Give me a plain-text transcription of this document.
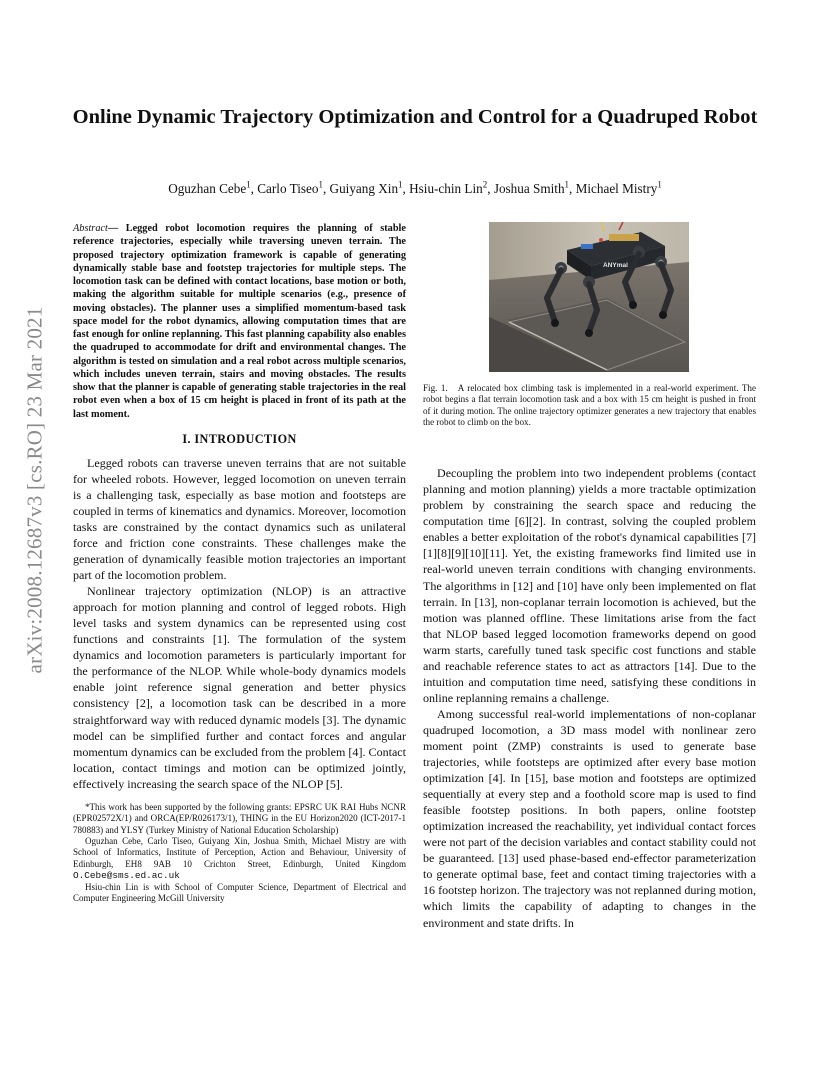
arXiv:2008.12687v3 [cs.RO] 23 Mar 2021
Online Dynamic Trajectory Optimization and Control for a Quadruped Robot
Oguzhan Cebe$^1$, Carlo Tiseo$^1$, Guiyang Xin$^1$, Hsiu-chin Lin$^2$, Joshua Smith$^1$, Michael Mistry$^1$

Abstract— Legged robot locomotion requires the planning of stable reference trajectories, especially while traversing uneven terrain. The proposed trajectory optimization framework is capable of generating dynamically stable base and footstep trajectories for multiple steps. The locomotion task can be defined with contact locations, base motion or both, making the algorithm suitable for multiple scenarios (e.g., presence of moving obstacles). The planner uses a simplified momentum-based task space model for the robot dynamics, allowing computation times that are fast enough for online replanning. This fast planning capability also enables the quadruped to accommodate for drift and environmental changes. The algorithm is tested on simulation and a real robot across multiple scenarios, which includes uneven terrain, stairs and moving obstacles. The results show that the planner is capable of generating stable trajectories in the real robot even when a box of 15 cm height is placed in front of its path at the last moment.

I. INTRODUCTION

Legged robots can traverse uneven terrains that are not suitable for wheeled robots. However, legged locomotion on uneven terrain is a challenging task, especially as base motion and footsteps are coupled in terms of kinematics and dynamics. Moreover, locomotion tasks are constrained by the contact dynamics such as unilateral force and friction cone constraints. These challenges make the generation of dynamically feasible motion trajectories an important part of the locomotion problem.

Nonlinear trajectory optimization (NLOP) is an attractive approach for motion planning and control of legged robots. High level tasks and system dynamics can be represented using cost functions and constraints [1]. The formulation of the system dynamics and locomotion parameters is particularly important for the performance of the NLOP. While whole-body dynamics models enable joint reference signal generation and better physics consistency [2], a locomotion task can be described in a more straightforward way with reduced dynamic models [3]. The dynamic model can be simplified further and contact forces and angular momentum dynamics can be excluded from the problem [4]. Contact location, contact timings and motion can be optimized jointly, effectively increasing the search space of the NLOP [5].

*This work has been supported by the following grants: EPSRC UK RAI Hubs NCNR (EPR02572X/1) and ORCA(EP/R026173/1), THING in the EU Horizon2020 (ICT-2017-1 780883) and YLSY (Turkey Ministry of National Education Scholarship)

Oguzhan Cebe, Carlo Tiseo, Guiyang Xin, Joshua Smith, Michael Mistry are with School of Informatics, Institute of Perception, Action and Behaviour, University of Edinburgh, EH8 9AB 10 Crichton Street, Edinburgh, United Kingdom O.Cebe@sms.ed.ac.uk

Hsiu-chin Lin is with School of Computer Science, Department of Electrical and Computer Engineering McGill University

ANYmal

Fig. 1. A relocated box climbing task is implemented in a real-world experiment. The robot begins a flat terrain locomotion task and a box with 15 cm height is pushed in front of it during motion. The online trajectory optimizer generates a new trajectory that enables the robot to climb on the box.

Decoupling the problem into two independent problems (contact planning and motion planning) yields a more tractable optimization problem by constraining the search space and reducing the computation time [6][2]. In contrast, solving the coupled problem enables a better exploitation of the robot's dynamical capabilities [7][1][8][9][10][11]. Yet, the existing frameworks find limited use in real-world uneven terrain conditions with changing environments. The algorithms in [12] and [10] have only been implemented on flat terrain. In [13], non-coplanar terrain locomotion is achieved, but the motion was planned offline. These limitations arise from the fact that NLOP based legged locomotion frameworks depend on good warm starts, carefully tuned task specific cost functions and stable and reachable reference states to act as attractors [14]. Due to the intuition and computation time need, satisfying these conditions in online replanning remains a challenge.

Among successful real-world implementations of non-coplanar quadruped locomotion, a 3D mass model with nonlinear zero moment point (ZMP) constraints is used to generate base trajectories, while footsteps are optimized after every base motion optimization [4]. In [15], base motion and footsteps are optimized sequentially at every step and a foothold score map is used to find feasible footstep positions. In both papers, online footstep optimization increased the reachability, yet individual contact forces were not part of the decision variables and contact stability could not be guaranteed. [13] used phase-based end-effector parameterization to generate optimal base, feet and contact timing trajectories with a 16 footstep horizon. The trajectory was not replanned during motion, which limits the capability of adapting to changes in the environment and state drifts. In
